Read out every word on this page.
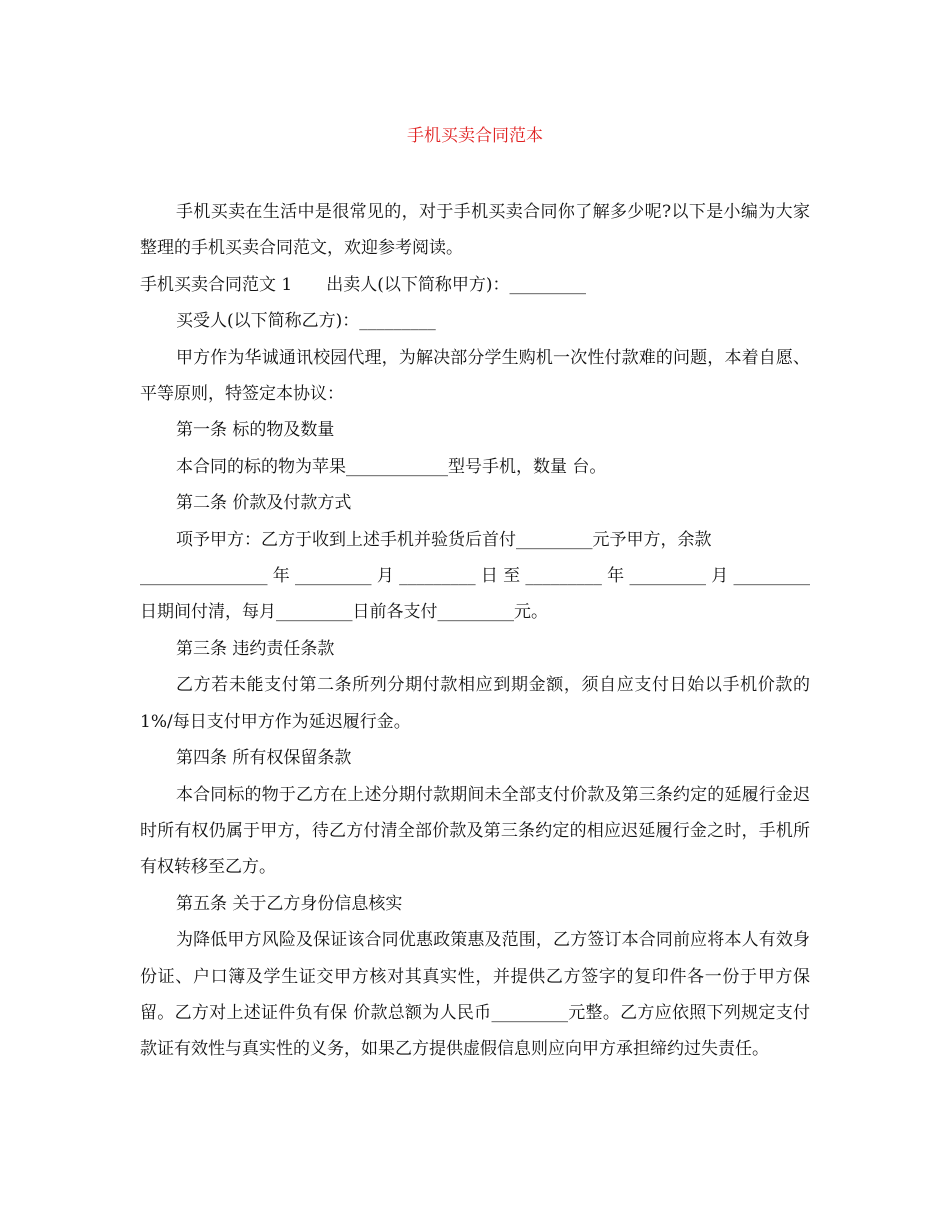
手机买卖合同范本

手机买卖在生活中是很常见的，对于手机买卖合同你了解多少呢?以下是小编为大家整理的手机买卖合同范文，欢迎参考阅读。

手机买卖合同范文 1　　出卖人(以下简称甲方)：_________

买受人(以下简称乙方)：_________

甲方作为华诚通讯校园代理，为解决部分学生购机一次性付款难的问题，本着自愿、平等原则，特签定本协议：

第一条 标的物及数量

本合同的标的物为苹果____________型号手机，数量 台。

第二条 价款及付款方式

项予甲方：乙方于收到上述手机并验货后首付_________元予甲方，余款

_______________年_________月_________日至_________年_________月_________

日期间付清，每月_________日前各支付_________元。

第三条 违约责任条款

乙方若未能支付第二条所列分期付款相应到期金额，须自应支付日始以手机价款的 1%/每日支付甲方作为延迟履行金。

第四条 所有权保留条款

本合同标的物于乙方在上述分期付款期间未全部支付价款及第三条约定的延履行金迟时所有权仍属于甲方，待乙方付清全部价款及第三条约定的相应迟延履行金之时，手机所有权转移至乙方。

第五条 关于乙方身份信息核实

为降低甲方风险及保证该合同优惠政策惠及范围，乙方签订本合同前应将本人有效身份证、户口簿及学生证交甲方核对其真实性，并提供乙方签字的复印件各一份于甲方保留。乙方对上述证件负有保 价款总额为人民币_________元整。乙方应依照下列规定支付款证有效性与真实性的义务，如果乙方提供虚假信息则应向甲方承担缔约过失责任。
